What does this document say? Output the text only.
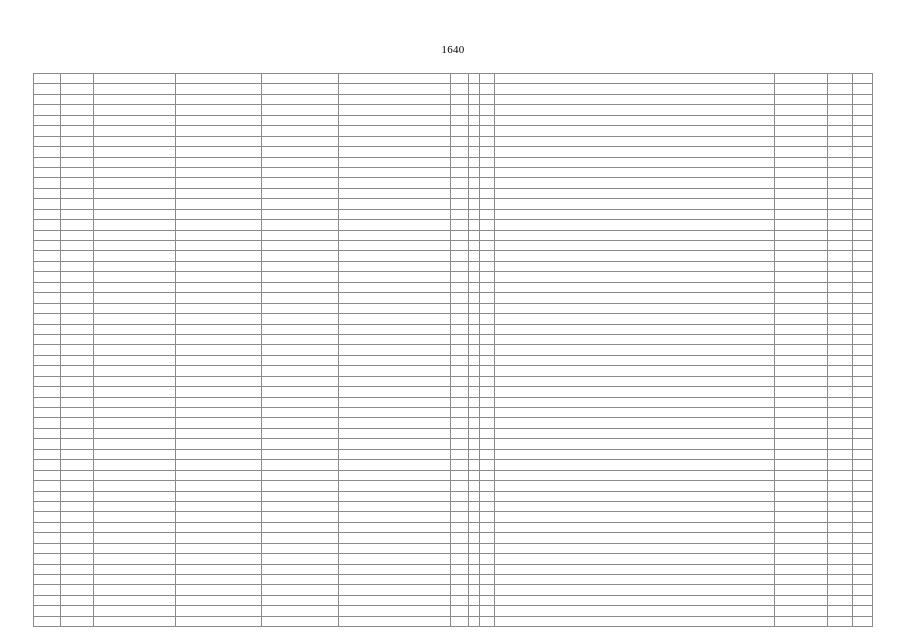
1640
